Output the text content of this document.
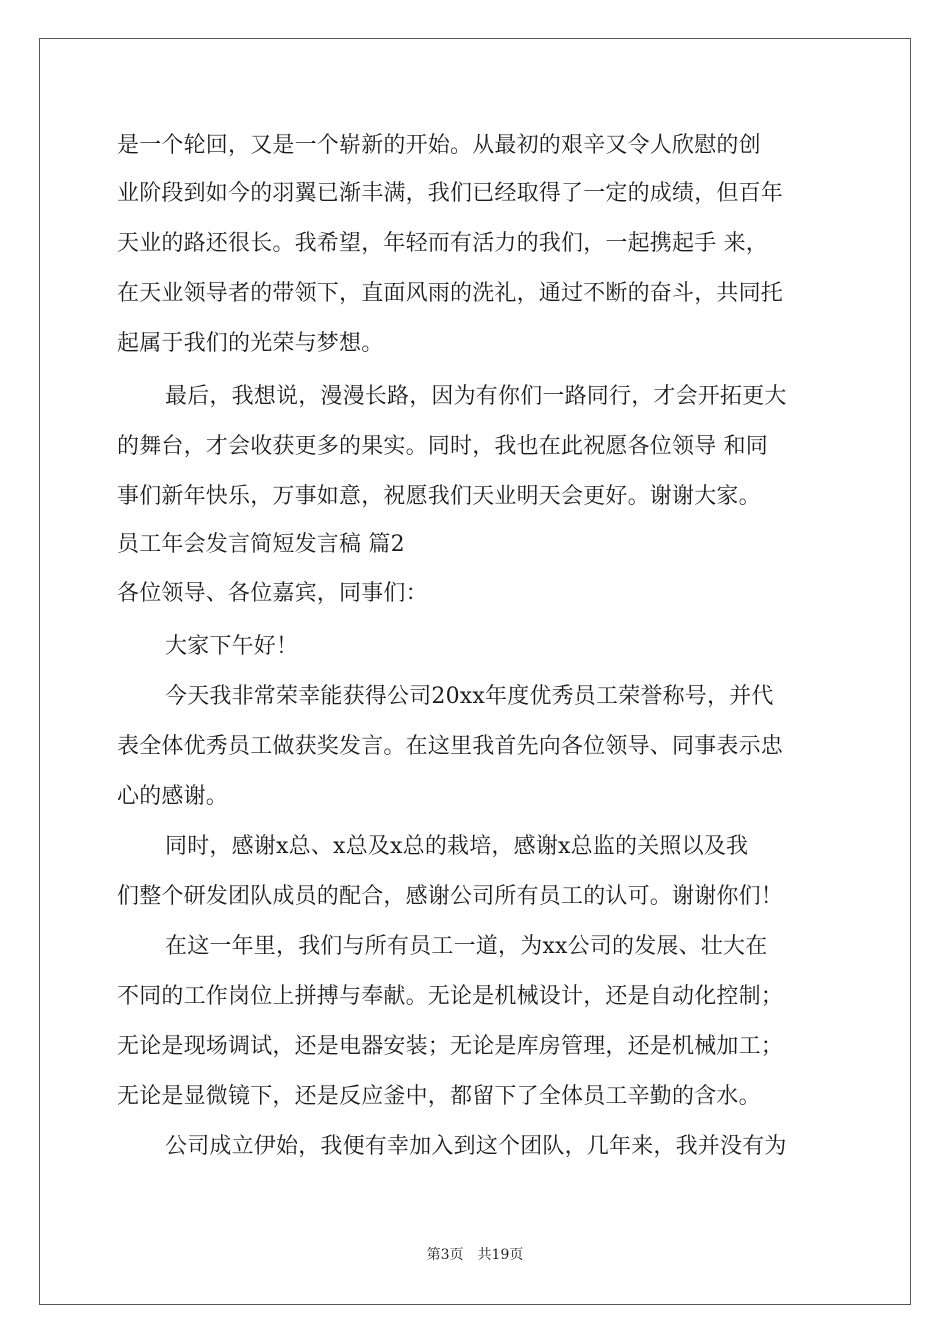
是一个轮回，又是一个崭新的开始。从最初的艰辛又令人欣慰的创
业阶段到如今的羽翼已渐丰满，我们已经取得了一定的成绩，但百年
天业的路还很长。我希望，年轻而有活力的我们，一起携起手 来，
在天业领导者的带领下，直面风雨的洗礼，通过不断的奋斗，共同托
起属于我们的光荣与梦想。
最后，我想说，漫漫长路，因为有你们一路同行，才会开拓更大
的舞台，才会收获更多的果实。同时，我也在此祝愿各位领导 和同
事们新年快乐，万事如意，祝愿我们天业明天会更好。谢谢大家。
员工年会发言简短发言稿 篇2
各位领导、各位嘉宾，同事们：
大家下午好！
今天我非常荣幸能获得公司20xx年度优秀员工荣誉称号，并代
表全体优秀员工做获奖发言。在这里我首先向各位领导、同事表示忠
心的感谢。
同时，感谢x总、x总及x总的栽培，感谢x总监的关照以及我
们整个研发团队成员的配合，感谢公司所有员工的认可。谢谢你们！
在这一年里，我们与所有员工一道，为xx公司的发展、壮大在
不同的工作岗位上拼搏与奉献。无论是机械设计，还是自动化控制；
无论是现场调试，还是电器安装；无论是库房管理，还是机械加工；
无论是显微镜下，还是反应釜中，都留下了全体员工辛勤的含水。
公司成立伊始，我便有幸加入到这个团队，几年来，我并没有为
第3页 共19页
